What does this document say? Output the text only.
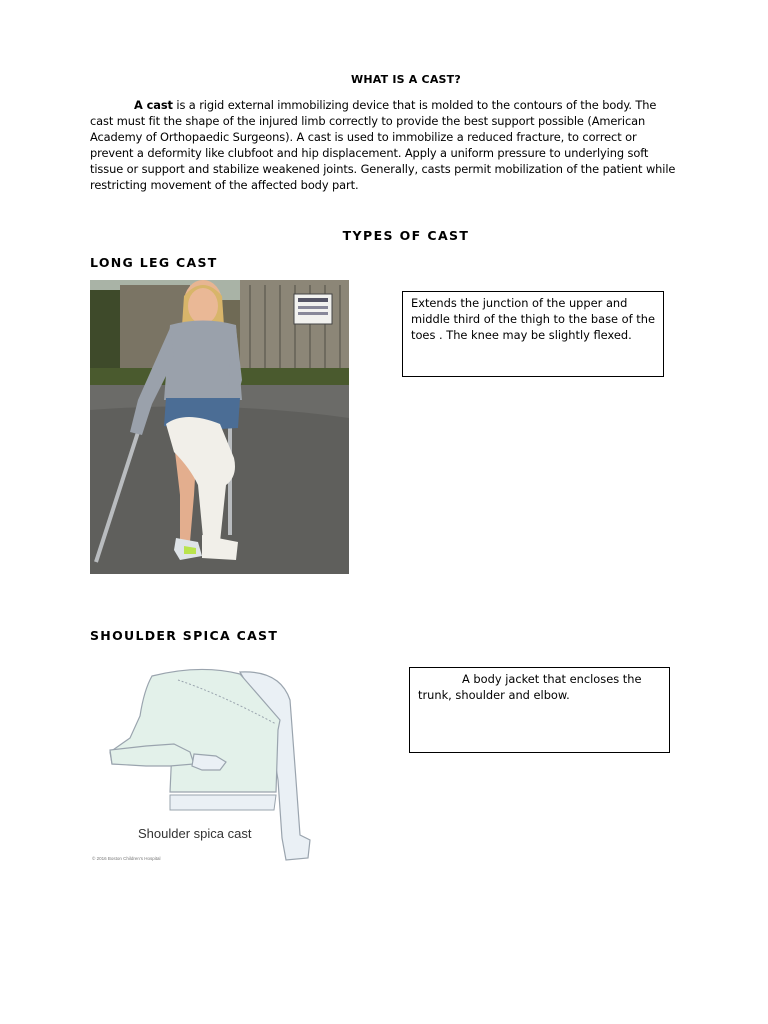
WHAT IS A CAST?

A cast is a rigid external immobilizing device that is molded to the contours of the body. The cast must fit the shape of the injured limb correctly to provide the best support possible (American Academy of Orthopaedic Surgeons). A cast is used to immobilize a reduced fracture, to correct or prevent a deformity like clubfoot and hip displacement. Apply a uniform pressure to underlying soft tissue or support and stabilize weakened joints. Generally, casts permit mobilization of the patient while restricting movement of the affected body part.

TYPES OF CAST
LONG LEG CAST
Extends the junction of the upper and middle third of the thigh to the base of the toes . The knee may be slightly flexed.
SHOULDER SPICA CAST
Shoulder spica cast
© 2016 Boston Children's Hospital
A body jacket that encloses the trunk, shoulder and elbow.
